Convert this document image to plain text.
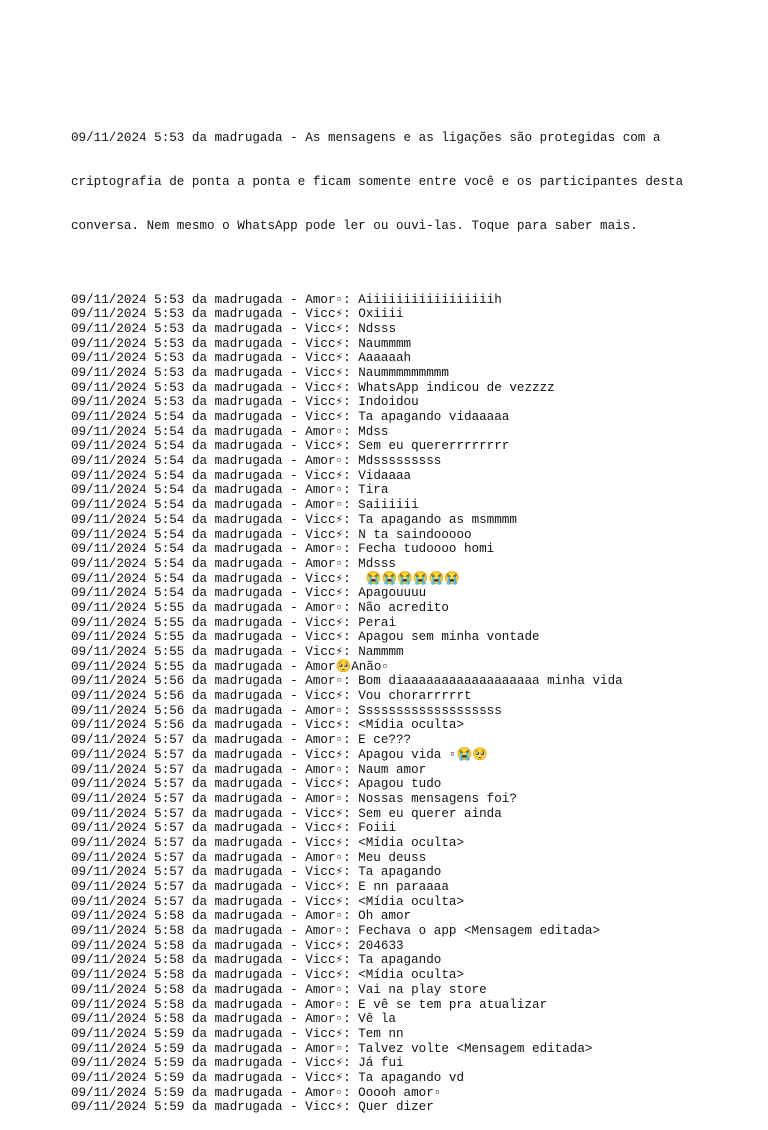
09/11/2024 5:53 da madrugada - As mensagens e as ligações são protegidas com a

criptografia de ponta a ponta e ficam somente entre você e os participantes desta

conversa. Nem mesmo o WhatsApp pode ler ou ouvi-las. Toque para saber mais.

09/11/2024 5:53 da madrugada - Amor▫: Aiiiiiiiiiiiiiiiiih
09/11/2024 5:53 da madrugada - Vicc⚡: Oxiiii
09/11/2024 5:53 da madrugada - Vicc⚡: Ndsss
09/11/2024 5:53 da madrugada - Vicc⚡: Naummmm
09/11/2024 5:53 da madrugada - Vicc⚡: Aaaaaah
09/11/2024 5:53 da madrugada - Vicc⚡: Naummmmmmmmm
09/11/2024 5:53 da madrugada - Vicc⚡: WhatsApp indicou de vezzzz
09/11/2024 5:53 da madrugada - Vicc⚡: Indoidou
09/11/2024 5:54 da madrugada - Vicc⚡: Ta apagando vidaaaaa
09/11/2024 5:54 da madrugada - Amor▫: Mdss
09/11/2024 5:54 da madrugada - Vicc⚡: Sem eu quererrrrrrrr
09/11/2024 5:54 da madrugada - Amor▫: Mdsssssssss
09/11/2024 5:54 da madrugada - Vicc⚡: Vidaaaa
09/11/2024 5:54 da madrugada - Amor▫: Tira
09/11/2024 5:54 da madrugada - Amor▫: Saiiiiii
09/11/2024 5:54 da madrugada - Vicc⚡: Ta apagando as msmmmm
09/11/2024 5:54 da madrugada - Vicc⚡: N ta saindooooo
09/11/2024 5:54 da madrugada - Amor▫: Fecha tudoooo homi
09/11/2024 5:54 da madrugada - Amor▫: Mdsss
09/11/2024 5:54 da madrugada - Vicc⚡:  😭😭😭😭😭😭
09/11/2024 5:54 da madrugada - Vicc⚡: Apagouuuu
09/11/2024 5:55 da madrugada - Amor▫: Não acredito
09/11/2024 5:55 da madrugada - Vicc⚡: Perai
09/11/2024 5:55 da madrugada - Vicc⚡: Apagou sem minha vontade
09/11/2024 5:55 da madrugada - Vicc⚡: Nammmm
09/11/2024 5:55 da madrugada - Amor🥺Anão▫
09/11/2024 5:56 da madrugada - Amor▫: Bom diaaaaaaaaaaaaaaaaaa minha vida
09/11/2024 5:56 da madrugada - Vicc⚡: Vou chorarrrrrt
09/11/2024 5:56 da madrugada - Amor▫: Sssssssssssssssssss
09/11/2024 5:56 da madrugada - Vicc⚡: <Mídia oculta>
09/11/2024 5:57 da madrugada - Amor▫: E ce???
09/11/2024 5:57 da madrugada - Vicc⚡: Apagou vida ▫😭🥺
09/11/2024 5:57 da madrugada - Amor▫: Naum amor
09/11/2024 5:57 da madrugada - Vicc⚡: Apagou tudo
09/11/2024 5:57 da madrugada - Amor▫: Nossas mensagens foi?
09/11/2024 5:57 da madrugada - Vicc⚡: Sem eu querer ainda
09/11/2024 5:57 da madrugada - Vicc⚡: Foiii
09/11/2024 5:57 da madrugada - Vicc⚡: <Mídia oculta>
09/11/2024 5:57 da madrugada - Amor▫: Meu deuss
09/11/2024 5:57 da madrugada - Vicc⚡: Ta apagando
09/11/2024 5:57 da madrugada - Vicc⚡: E nn paraaaa
09/11/2024 5:57 da madrugada - Vicc⚡: <Mídia oculta>
09/11/2024 5:58 da madrugada - Amor▫: Oh amor
09/11/2024 5:58 da madrugada - Amor▫: Fechava o app <Mensagem editada>
09/11/2024 5:58 da madrugada - Vicc⚡: 204633
09/11/2024 5:58 da madrugada - Vicc⚡: Ta apagando
09/11/2024 5:58 da madrugada - Vicc⚡: <Mídia oculta>
09/11/2024 5:58 da madrugada - Amor▫: Vai na play store
09/11/2024 5:58 da madrugada - Amor▫: E vê se tem pra atualizar
09/11/2024 5:58 da madrugada - Amor▫: Vê la
09/11/2024 5:59 da madrugada - Vicc⚡: Tem nn
09/11/2024 5:59 da madrugada - Amor▫: Talvez volte <Mensagem editada>
09/11/2024 5:59 da madrugada - Vicc⚡: Já fui
09/11/2024 5:59 da madrugada - Vicc⚡: Ta apagando vd
09/11/2024 5:59 da madrugada - Amor▫: Ooooh amor▫
09/11/2024 5:59 da madrugada - Vicc⚡: Quer dizer
